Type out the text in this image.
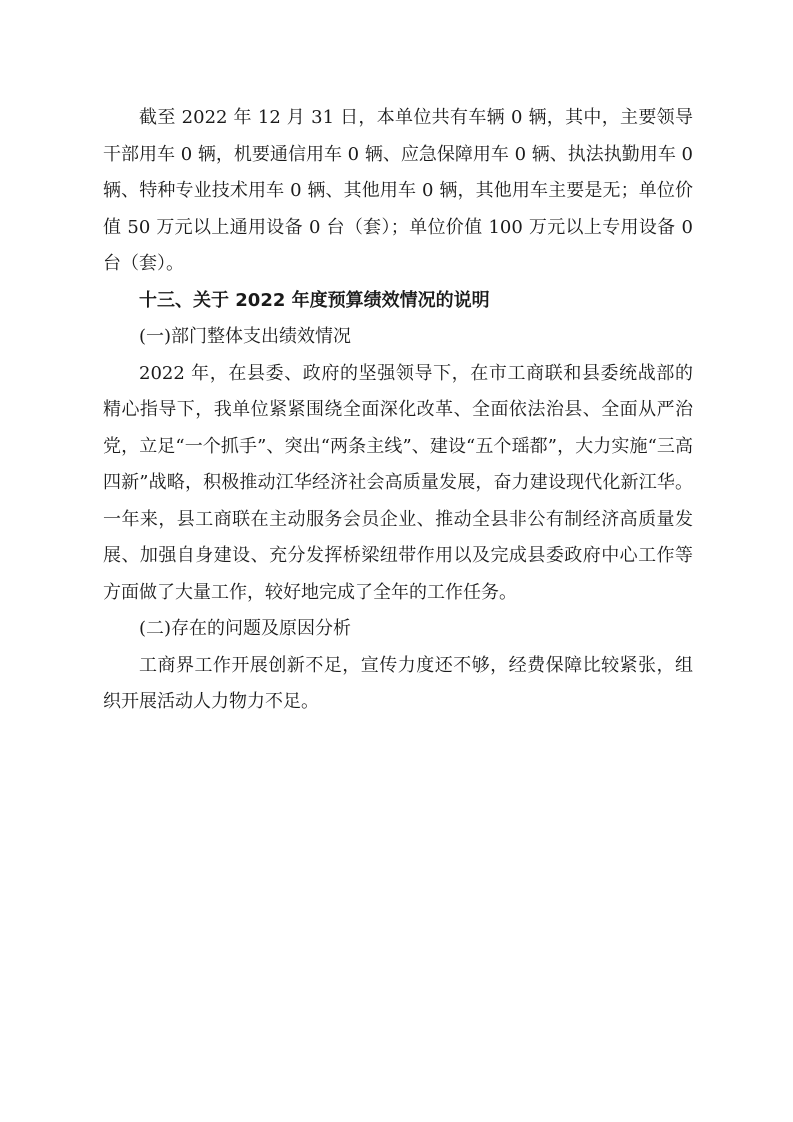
截至 2022 年 12 月 31 日，本单位共有车辆 0 辆，其中，主要领导干部用车 0 辆，机要通信用车 0 辆、应急保障用车 0 辆、执法执勤用车 0 辆、特种专业技术用车 0 辆、其他用车 0 辆，其他用车主要是无；单位价值 50 万元以上通用设备 0 台（套）；单位价值 100 万元以上专用设备 0 台（套）。

十三、关于 2022 年度预算绩效情况的说明

(一)部门整体支出绩效情况

2022 年，在县委、政府的坚强领导下，在市工商联和县委统战部的精心指导下，我单位紧紧围绕全面深化改革、全面依法治县、全面从严治党，立足“一个抓手”、突出“两条主线”、建设“五个瑶都”，大力实施“三高四新”战略，积极推动江华经济社会高质量发展，奋力建设现代化新江华。一年来，县工商联在主动服务会员企业、推动全县非公有制经济高质量发展、加强自身建设、充分发挥桥梁纽带作用以及完成县委政府中心工作等方面做了大量工作，较好地完成了全年的工作任务。

(二)存在的问题及原因分析

工商界工作开展创新不足，宣传力度还不够，经费保障比较紧张，组织开展活动人力物力不足。
